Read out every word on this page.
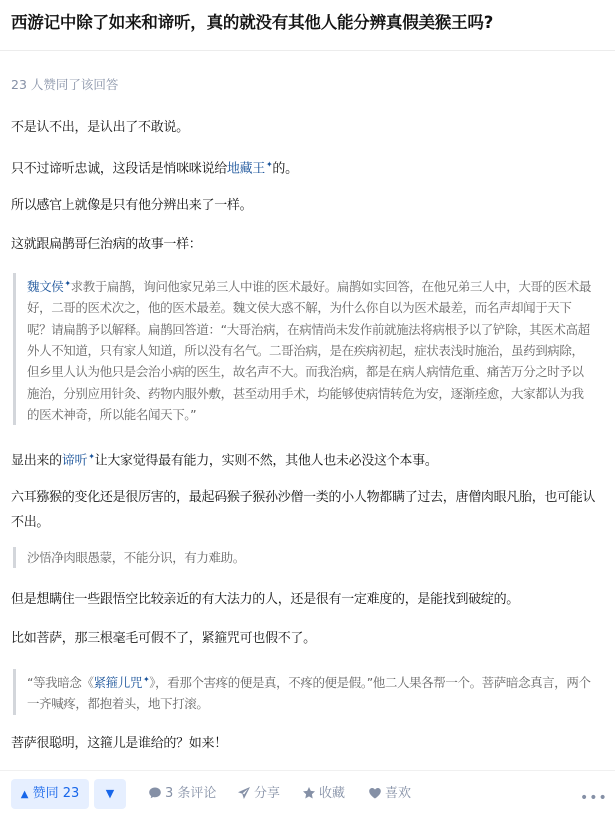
西游记中除了如来和谛听，真的就没有其他人能分辨真假美猴王吗?
23 人赞同了该回答
不是认不出，是认出了不敢说。
只不过谛听忠诚，这段话是悄咪咪说给地藏王✦的。
所以感官上就像是只有他分辨出来了一样。
这就跟扁鹊哥仨治病的故事一样：
魏文侯✦求教于扁鹊，询问他家兄弟三人中谁的医术最好。扁鹊如实回答，在他兄弟三人中，大哥的医术最好，二哥的医术次之，他的医术最差。魏文侯大惑不解，为什么你自以为医术最差，而名声却闻于天下呢？请扁鹊予以解释。扁鹊回答道：“大哥治病，在病情尚未发作前就施法将病根予以了铲除，其医术高超外人不知道，只有家人知道，所以没有名气。二哥治病，是在疾病初起，症状表浅时施治，虽药到病除，但乡里人认为他只是会治小病的医生，故名声不大。而我治病，都是在病人病情危重、痛苦万分之时予以施治，分别应用针灸、药物内服外敷，甚至动用手术，均能够使病情转危为安，逐渐痊愈，大家都认为我的医术神奇，所以能名闻天下。”
显出来的谛听✦让大家觉得最有能力，实则不然，其他人也未必没这个本事。
六耳猕猴的变化还是很厉害的，最起码猴子猴孙沙僧一类的小人物都瞒了过去，唐僧肉眼凡胎，也可能认不出。
沙悟净肉眼愚蒙，不能分识，有力难助。
但是想瞒住一些跟悟空比较亲近的有大法力的人，还是很有一定难度的，是能找到破绽的。
比如菩萨，那三根毫毛可假不了，紧箍咒可也假不了。
“等我暗念《紧箍儿咒✦》，看那个害疼的便是真，不疼的便是假。”他二人果各帮一个。菩萨暗念真言，两个一齐喊疼，都抱着头，地下打滚。
菩萨很聪明，这箍儿是谁给的？如来！
▲ 赞同 23	▼	3 条评论	分享	收藏	喜欢	•••
